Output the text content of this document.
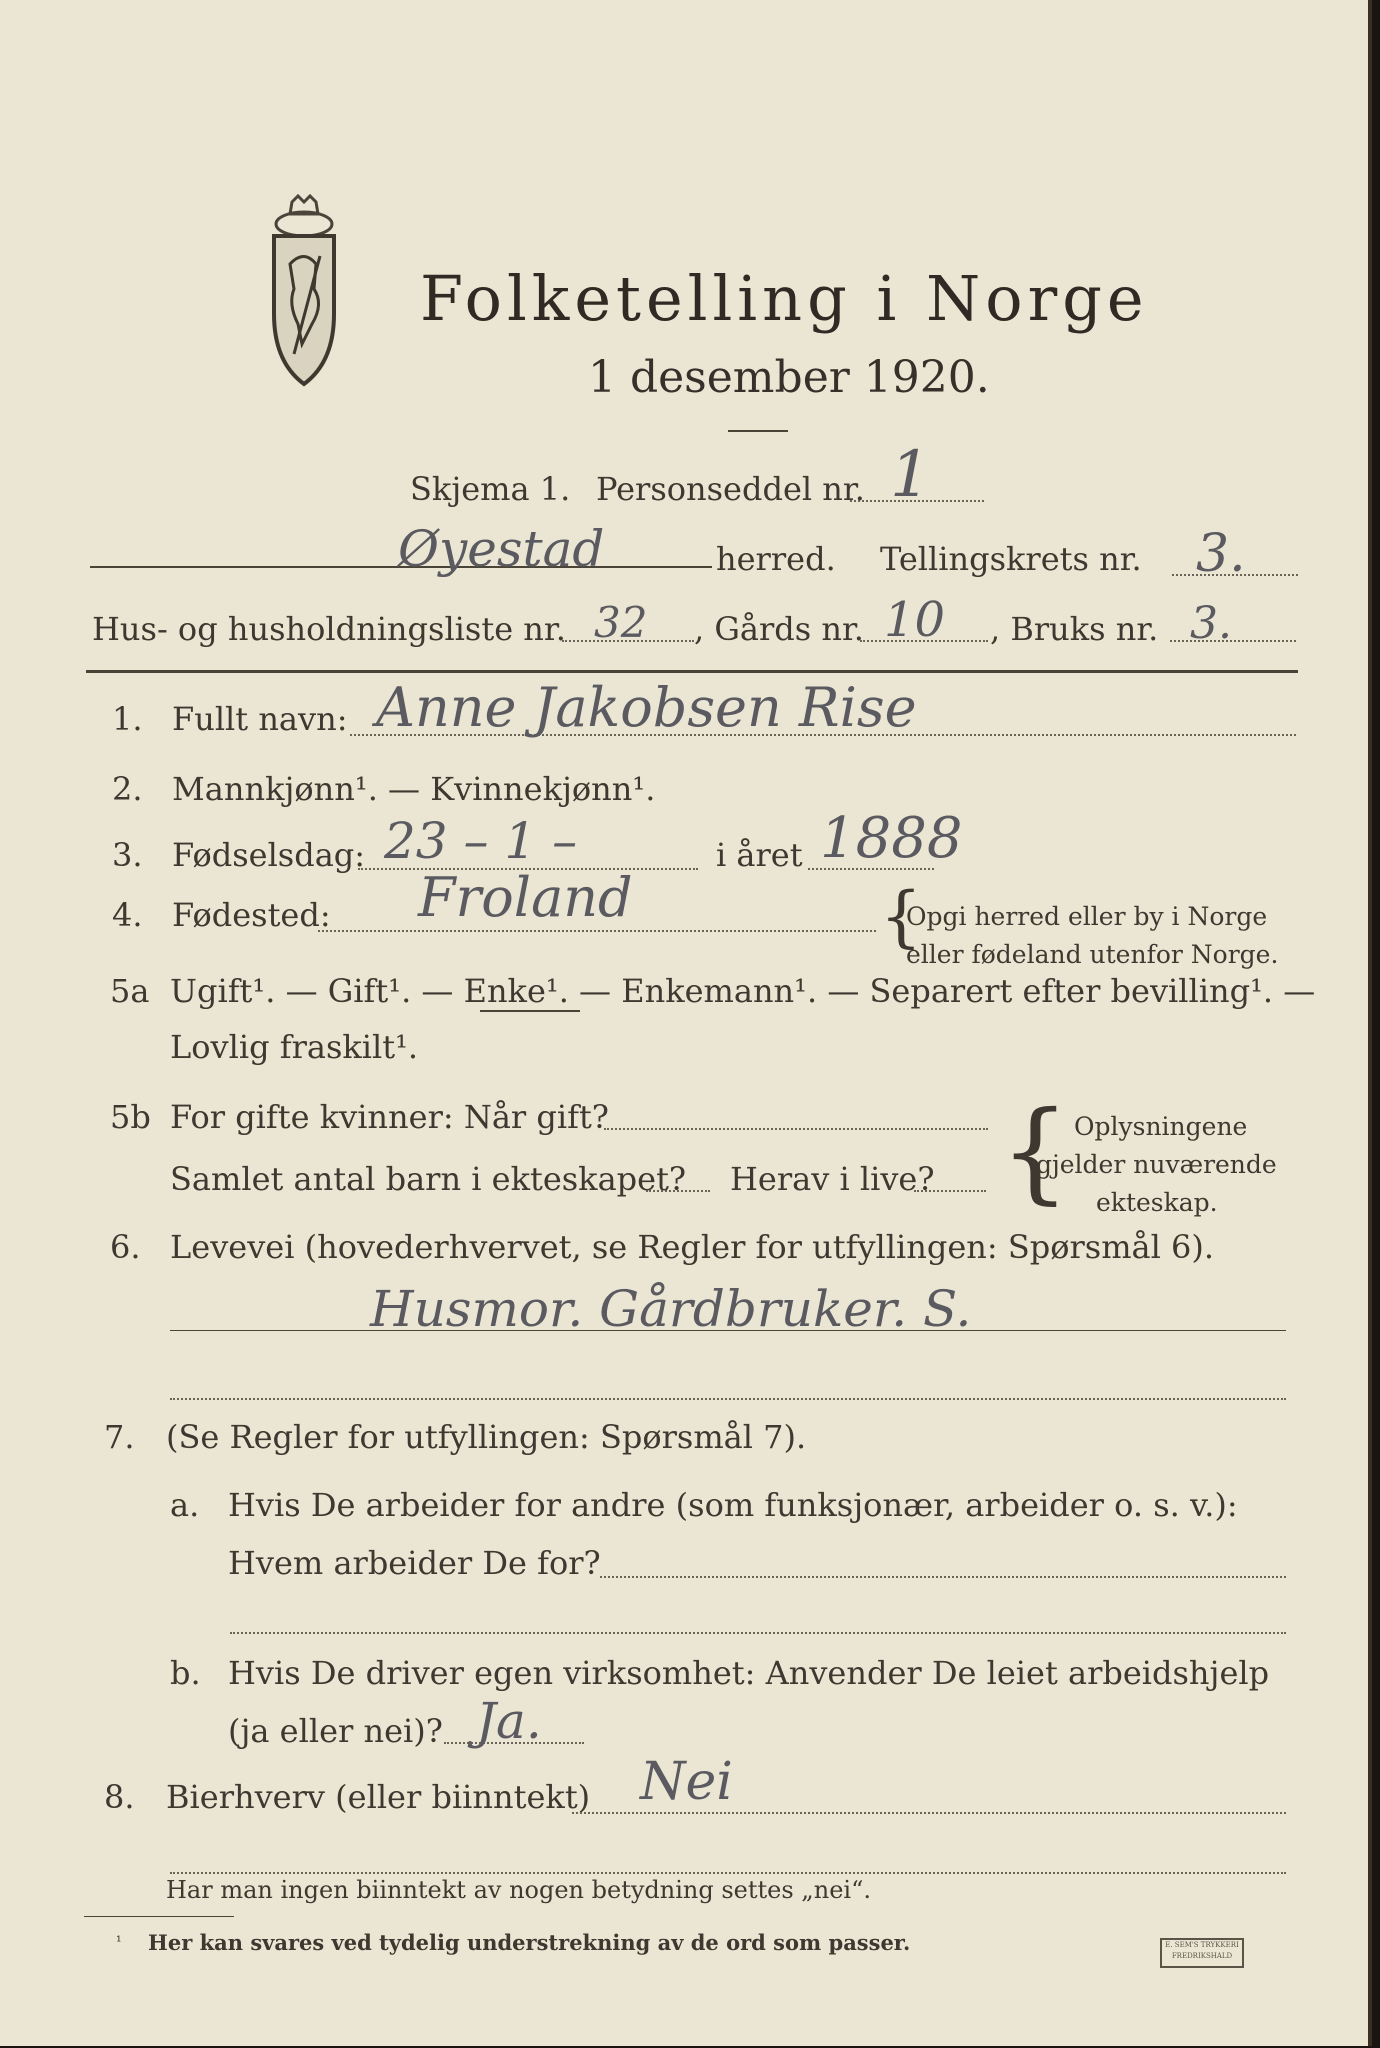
Folketelling i Norge
1 desember 1920.
Skjema 1. Personseddel nr. 1
Øyestad	herred. Tellingskrets nr. 3.
Hus- og husholdningsliste nr. 32 , Gårds nr. 10 , Bruks nr. 3.
1. Fullt navn: Anne Jakobsen Rise
2. Mannkjønn¹. — Kvinnekjønn¹.
3. Fødselsdag: 23 – 1 –	i året 1888
4. Fødested: Froland	{
Opgi herred eller by i Norge
eller fødeland utenfor Norge.
5a Ugift¹. — Gift¹. — Enke¹. — Enkemann¹. — Separert efter bevilling¹. —
Lovlig fraskilt¹.
5b For gifte kvinner: Når gift?
Samlet antal barn i ekteskapet? Herav i live? { Oplysningene
gjelder nuværende
ekteskap.
6. Levevei (hovederhvervet, se Regler for utfyllingen: Spørsmål 6).
Husmor. Gårdbruker. S.
7. (Se Regler for utfyllingen: Spørsmål 7).
a. Hvis De arbeider for andre (som funksjonær, arbeider o. s. v.):
Hvem arbeider De for?
b. Hvis De driver egen virksomhet: Anvender De leiet arbeidshjelp
(ja eller nei)? Ja.
8. Bierhverv (eller biinntekt) Nei
Har man ingen biinntekt av nogen betydning settes „nei“.
¹ Her kan svares ved tydelig understrekning av de ord som passer.	E. SEM'S TRYKKERI
FREDRIKSHALD
